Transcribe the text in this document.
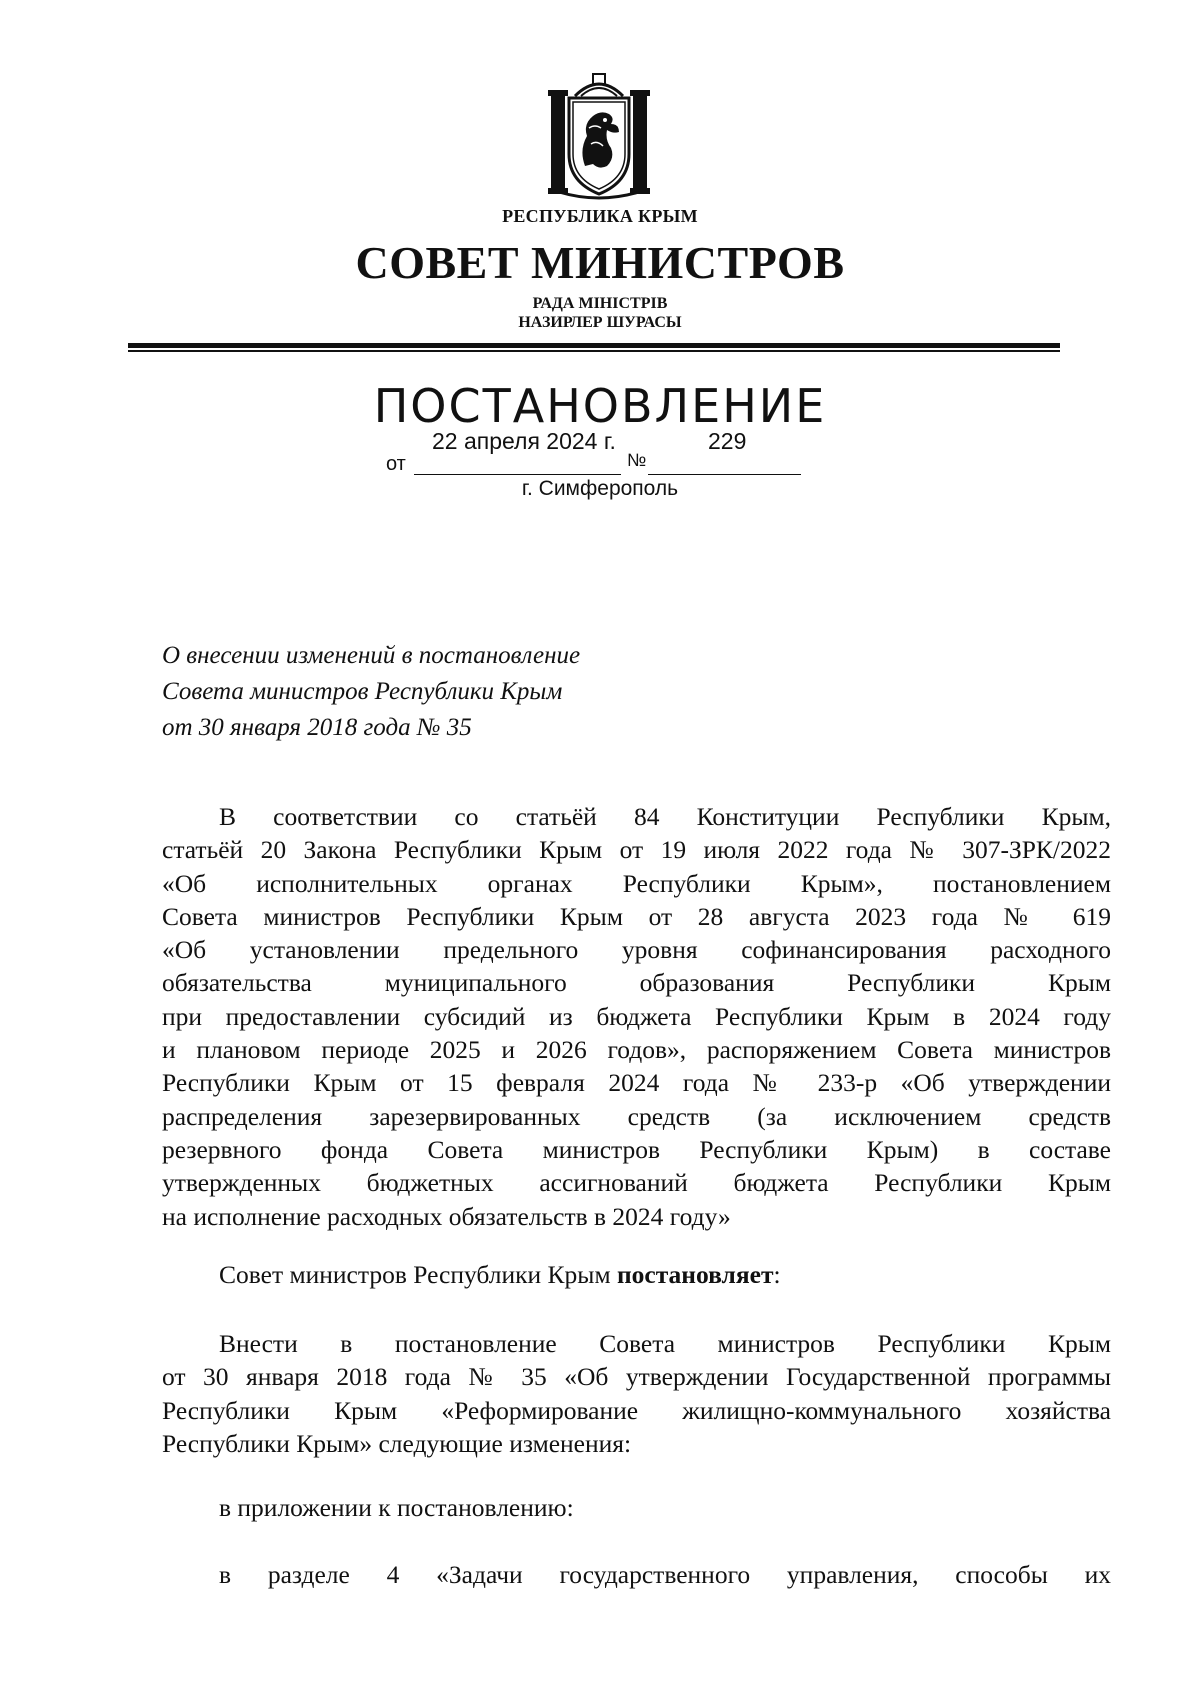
РЕСПУБЛИКА КРЫМ
СОВЕТ МИНИСТРОВ
РАДА МІНІСТРІВ
НАЗИРЛЕР ШУРАСЫ
ПОСТАНОВЛЕНИЕ
от
22 апреля 2024 г.
№
229
г. Симферополь
О внесении изменений в постановление
Совета министров Республики Крым
от 30 января 2018 года № 35
В соответствии со статьёй 84 Конституции Республики Крым,
статьёй 20 Закона Республики Крым от 19 июля 2022 года № 307-ЗРК/2022
«Об исполнительных органах Республики Крым», постановлением
Совета министров Республики Крым от 28 августа 2023 года № 619
«Об установлении предельного уровня софинансирования расходного
обязательства муниципального образования Республики Крым
при предоставлении субсидий из бюджета Республики Крым в 2024 году
и плановом периоде 2025 и 2026 годов», распоряжением Совета министров
Республики Крым от 15 февраля 2024 года № 233-р «Об утверждении
распределения зарезервированных средств (за исключением средств
резервного фонда Совета министров Республики Крым) в составе
утвержденных бюджетных ассигнований бюджета Республики Крым
на исполнение расходных обязательств в 2024 году»
Совет министров Республики Крым постановляет:
Внести в постановление Совета министров Республики Крым
от 30 января 2018 года № 35 «Об утверждении Государственной программы
Республики Крым «Реформирование жилищно-коммунального хозяйства
Республики Крым» следующие изменения:
в приложении к постановлению:
в разделе 4 «Задачи государственного управления, способы их
